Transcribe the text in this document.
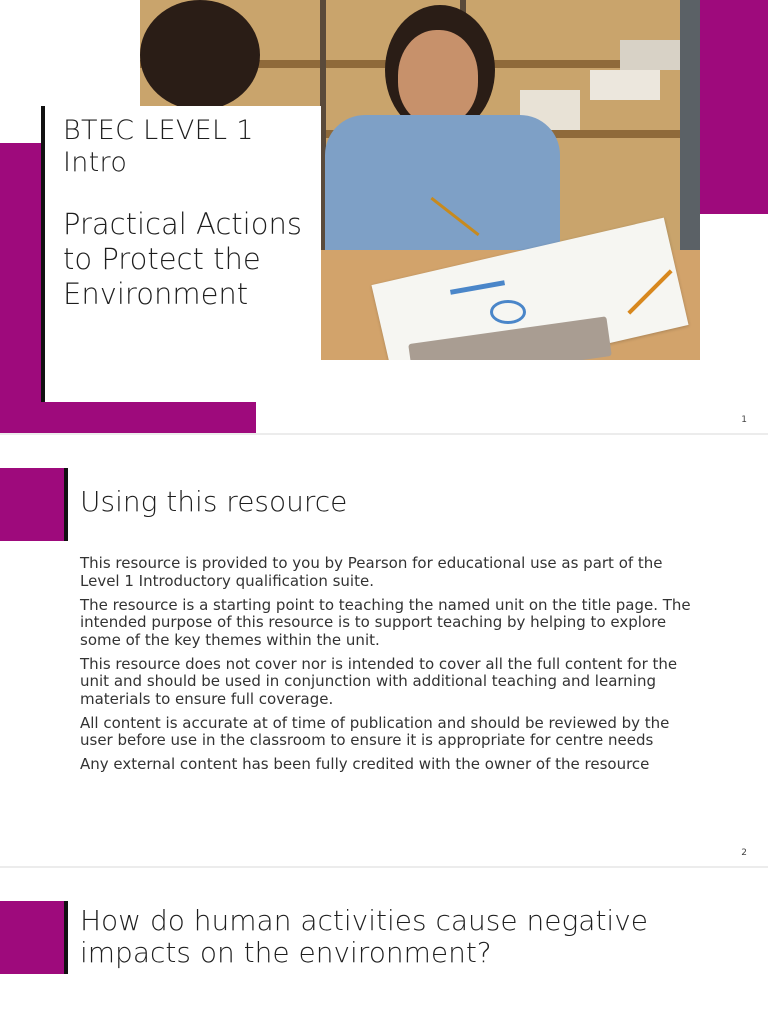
BTEC LEVEL 1
Intro
Practical Actions to Protect the Environment
1
Using this resource

This resource is provided to you by Pearson for educational use as part of the Level 1 Introductory qualification suite.

The resource is a starting point to teaching the named unit on the title page. The intended purpose of this resource is to support teaching by helping to explore some of the key themes within the unit.

This resource does not cover nor is intended to cover all the full content for the unit and should be used in conjunction with additional teaching and learning materials to ensure full coverage.

All content is accurate at of time of publication and should be reviewed by the user before use in the classroom to ensure it is appropriate for centre needs

Any external content has been fully credited with the owner of the resource

2
How do human activities cause negative impacts on the environment?
